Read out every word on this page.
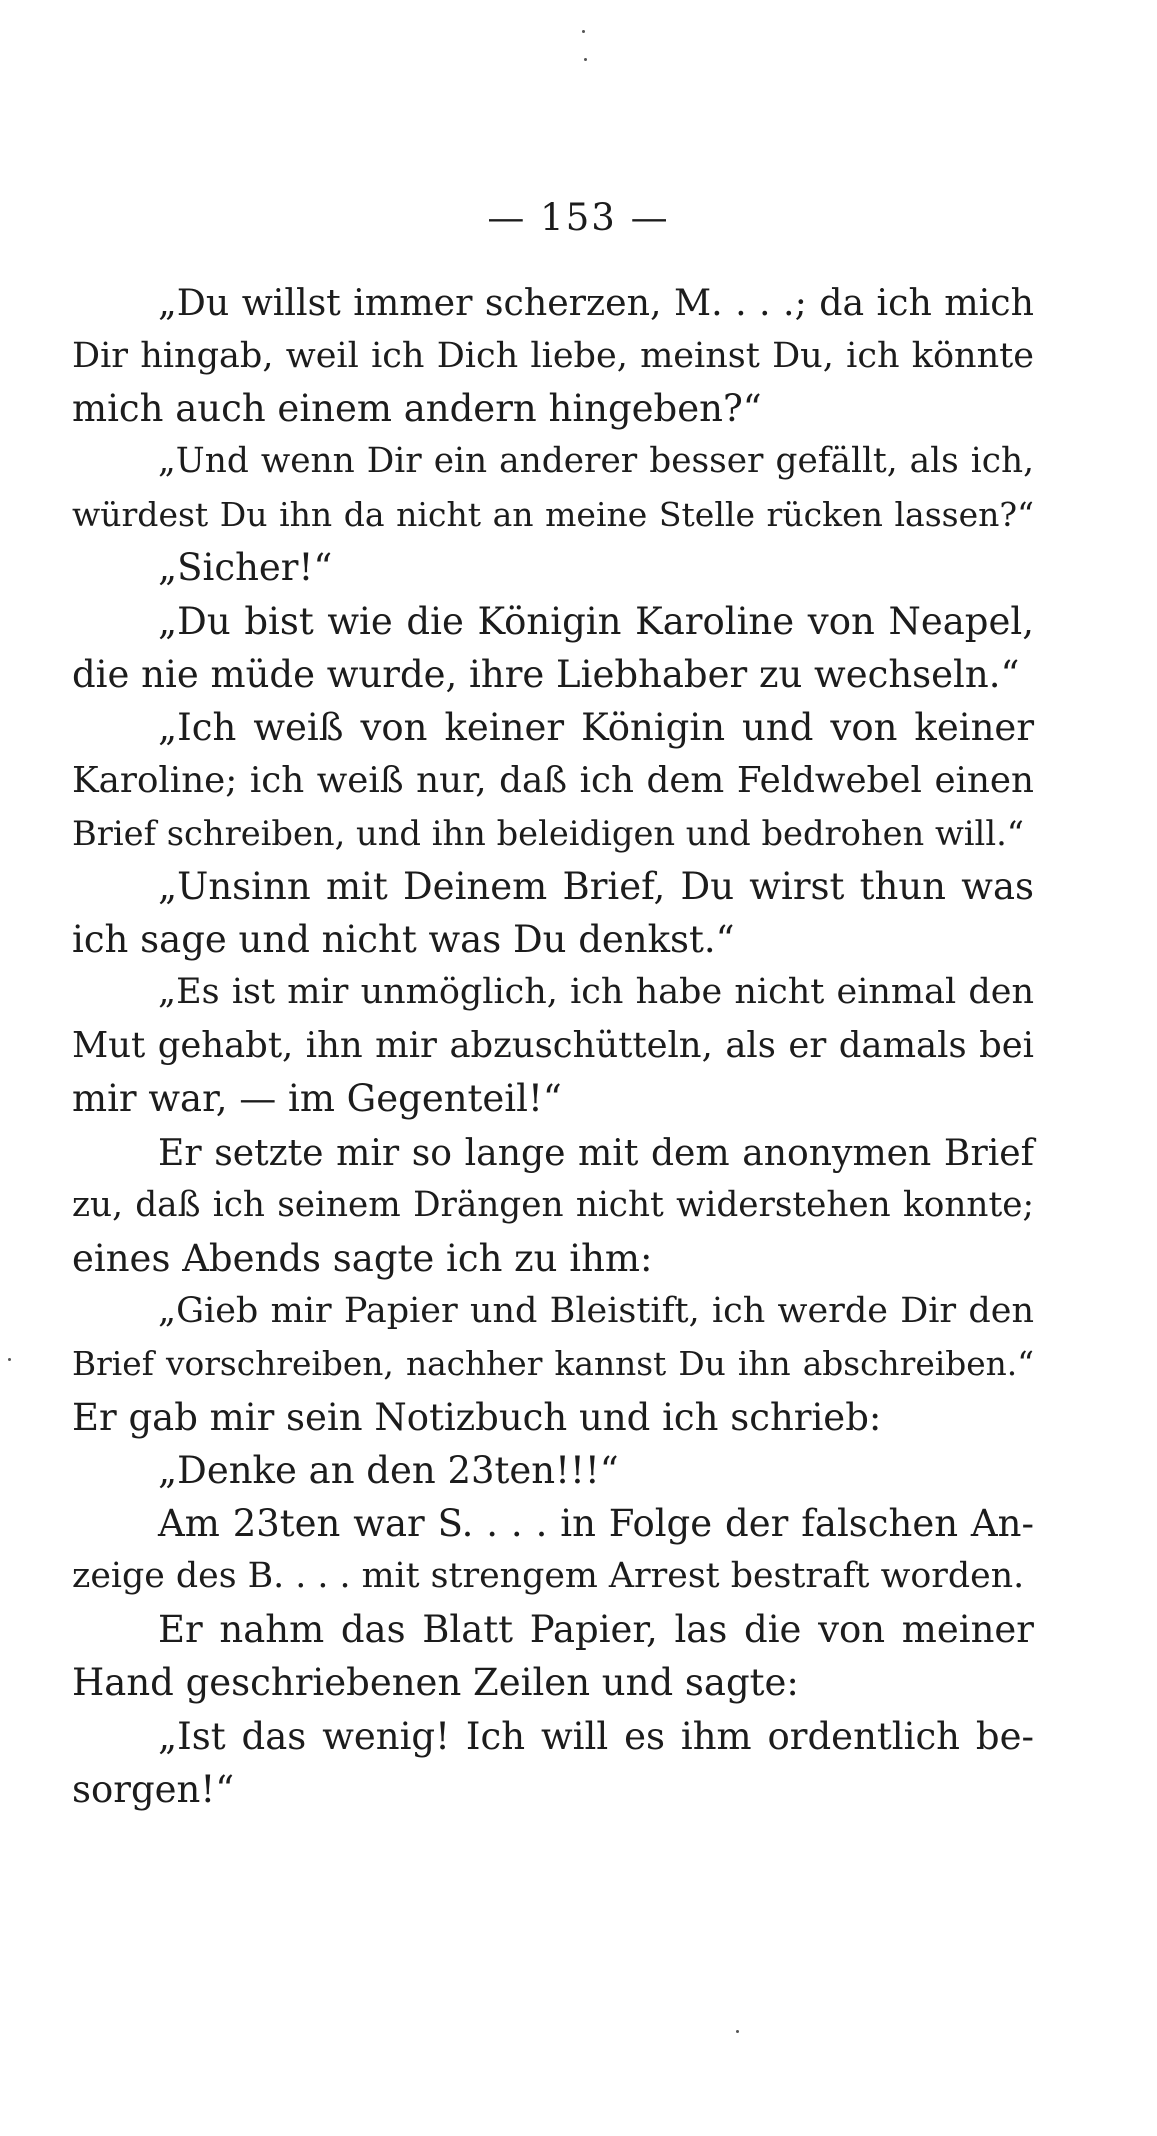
— 153 —
„Du willst immer scherzen, M. . . .; da ich mich
Dir hingab, weil ich Dich liebe, meinst Du, ich könnte
mich auch einem andern hingeben?“
„Und wenn Dir ein anderer besser gefällt, als ich,
würdest Du ihn da nicht an meine Stelle rücken lassen?“
„Sicher!“
„Du bist wie die Königin Karoline von Neapel,
die nie müde wurde, ihre Liebhaber zu wechseln.“
„Ich weiß von keiner Königin und von keiner
Karoline; ich weiß nur, daß ich dem Feldwebel einen
Brief schreiben, und ihn beleidigen und bedrohen will.“
„Unsinn mit Deinem Brief, Du wirst thun was
ich sage und nicht was Du denkst.“
„Es ist mir unmöglich, ich habe nicht einmal den
Mut gehabt, ihn mir abzuschütteln, als er damals bei
mir war, — im Gegenteil!“
Er setzte mir so lange mit dem anonymen Brief
zu, daß ich seinem Drängen nicht widerstehen konnte;
eines Abends sagte ich zu ihm:
„Gieb mir Papier und Bleistift, ich werde Dir den
Brief vorschreiben, nachher kannst Du ihn abschreiben.“
Er gab mir sein Notizbuch und ich schrieb:
„Denke an den 23ten!!!“
Am 23ten war S. . . . in Folge der falschen An-
zeige des B. . . . mit strengem Arrest bestraft worden.
Er nahm das Blatt Papier, las die von meiner
Hand geschriebenen Zeilen und sagte:
„Ist das wenig! Ich will es ihm ordentlich be-
sorgen!“
